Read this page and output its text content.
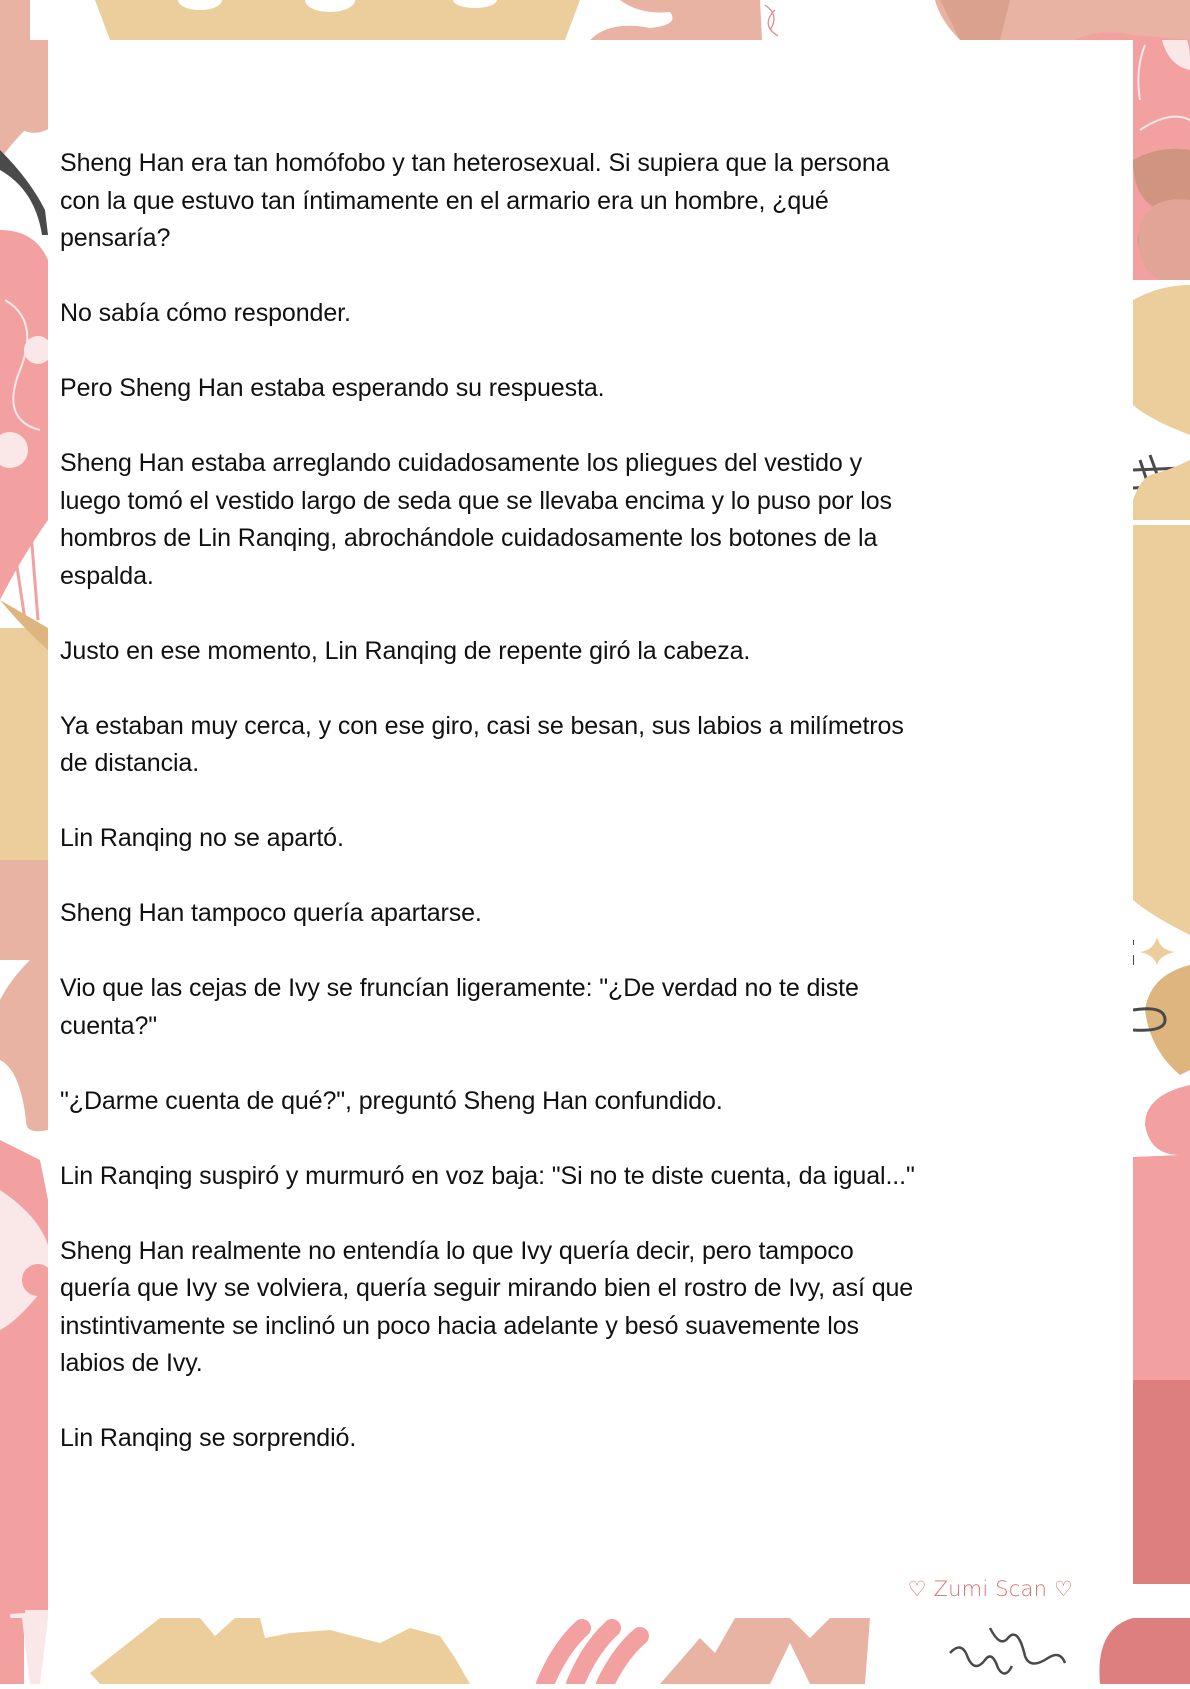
Sheng Han era tan homófobo y tan heterosexual. Si supiera que la persona
con la que estuvo tan íntimamente en el armario era un hombre, ¿qué
pensaría?

No sabía cómo responder.

Pero Sheng Han estaba esperando su respuesta.

Sheng Han estaba arreglando cuidadosamente los pliegues del vestido y
luego tomó el vestido largo de seda que se llevaba encima y lo puso por los
hombros de Lin Ranqing, abrochándole cuidadosamente los botones de la
espalda.

Justo en ese momento, Lin Ranqing de repente giró la cabeza.

Ya estaban muy cerca, y con ese giro, casi se besan, sus labios a milímetros
de distancia.

Lin Ranqing no se apartó.

Sheng Han tampoco quería apartarse.

Vio que las cejas de Ivy se fruncían ligeramente: "¿De verdad no te diste
cuenta?"

"¿Darme cuenta de qué?", preguntó Sheng Han confundido.

Lin Ranqing suspiró y murmuró en voz baja: "Si no te diste cuenta, da igual..."

Sheng Han realmente no entendía lo que Ivy quería decir, pero tampoco
quería que Ivy se volviera, quería seguir mirando bien el rostro de Ivy, así que
instintivamente se inclinó un poco hacia adelante y besó suavemente los
labios de Ivy.

Lin Ranqing se sorprendió.

♡ Zumi Scan ♡
